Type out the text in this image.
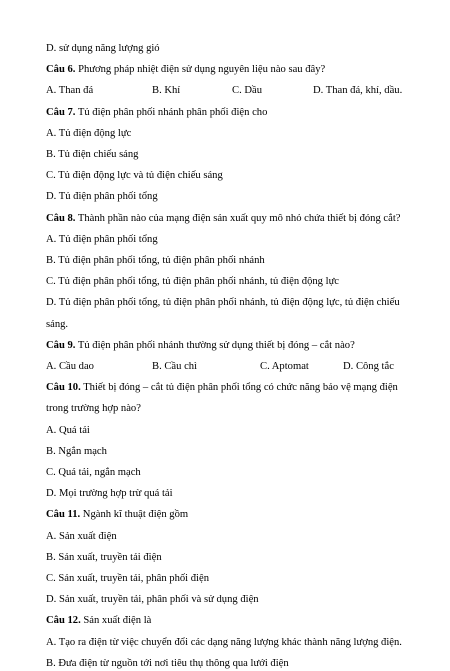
D. sử dụng năng lượng gió
Câu 6. Phương pháp nhiệt điện sử dụng nguyên liệu nào sau đây?
A. Than đá	B. Khí	C. Dầu	D. Than đá, khí, dầu.
Câu 7. Tủ điện phân phối nhánh phân phối điện cho
A. Tủ điện động lực
B. Tủ điện chiếu sáng
C. Tủ điện động lực và tủ điện chiếu sáng
D. Tủ điện phân phối tổng
Câu 8. Thành phần nào của mạng điện sản xuất quy mô nhỏ chứa thiết bị đóng cắt?
A. Tủ điện phân phối tổng
B. Tủ điện phân phối tổng, tủ điện phân phối nhánh
C. Tủ điện phân phối tổng, tủ điện phân phối nhánh, tủ điện động lực
D. Tủ điện phân phối tổng, tủ điện phân phối nhánh, tủ điện động lực, tủ điện chiếu
sáng.
Câu 9. Tủ điện phân phối nhánh thường sử dụng thiết bị đóng – cắt nào?
A. Cầu dao	B. Cầu chì	C. Aptomat	D. Công tắc
Câu 10. Thiết bị đóng – cắt tủ điện phân phối tổng có chức năng bảo vệ mạng điện
trong trường hợp nào?
A. Quá tải
B. Ngắn mạch
C. Quá tải, ngắn mạch
D. Mọi trường hợp trừ quá tải
Câu 11. Ngành kĩ thuật điện gồm
A. Sản xuất điện
B. Sản xuất, truyền tải điện
C. Sản xuất, truyền tải, phân phối điện
D. Sản xuất, truyền tải, phân phối và sử dụng điện
Câu 12. Sản xuất điện là
A. Tạo ra điện từ việc chuyển đổi các dạng năng lượng khác thành năng lượng điện.
B. Đưa điện từ nguồn tới nơi tiêu thụ thông qua lưới điện
